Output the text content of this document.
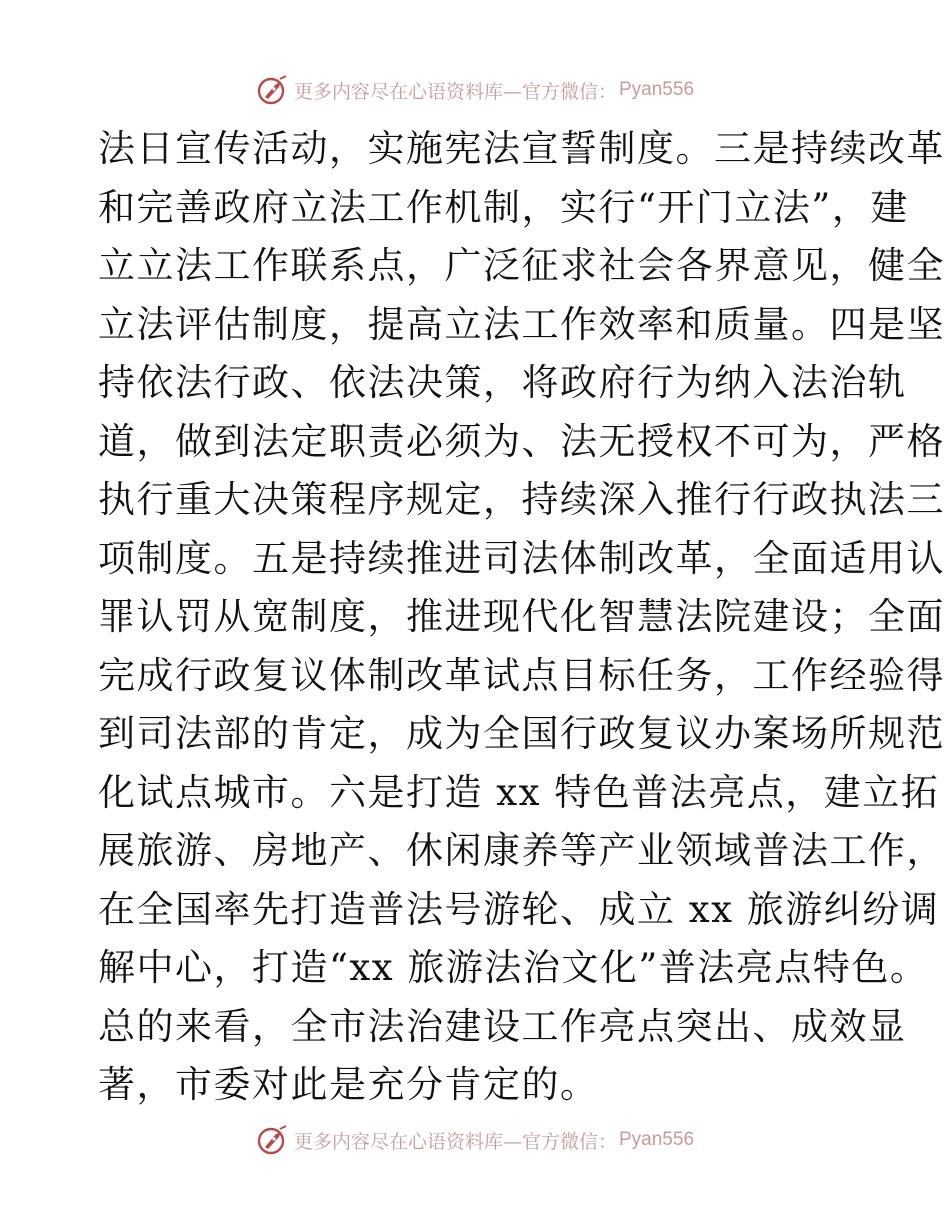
更多内容尽在心语资料库—官方微信： Pyan556
法日宣传活动，实施宪法宣誓制度。三是持续改革
和完善政府立法工作机制，实行“开门立法”，建
立立法工作联系点，广泛征求社会各界意见，健全
立法评估制度，提高立法工作效率和质量。四是坚
持依法行政、依法决策，将政府行为纳入法治轨
道，做到法定职责必须为、法无授权不可为，严格
执行重大决策程序规定，持续深入推行行政执法三
项制度。五是持续推进司法体制改革，全面适用认
罪认罚从宽制度，推进现代化智慧法院建设；全面
完成行政复议体制改革试点目标任务，工作经验得
到司法部的肯定，成为全国行政复议办案场所规范
化试点城市。六是打造 xx 特色普法亮点，建立拓
展旅游、房地产、休闲康养等产业领域普法工作，
在全国率先打造普法号游轮、成立 xx 旅游纠纷调
解中心，打造“xx 旅游法治文化”普法亮点特色。
总的来看，全市法治建设工作亮点突出、成效显
著，市委对此是充分肯定的。
更多内容尽在心语资料库—官方微信： Pyan556
